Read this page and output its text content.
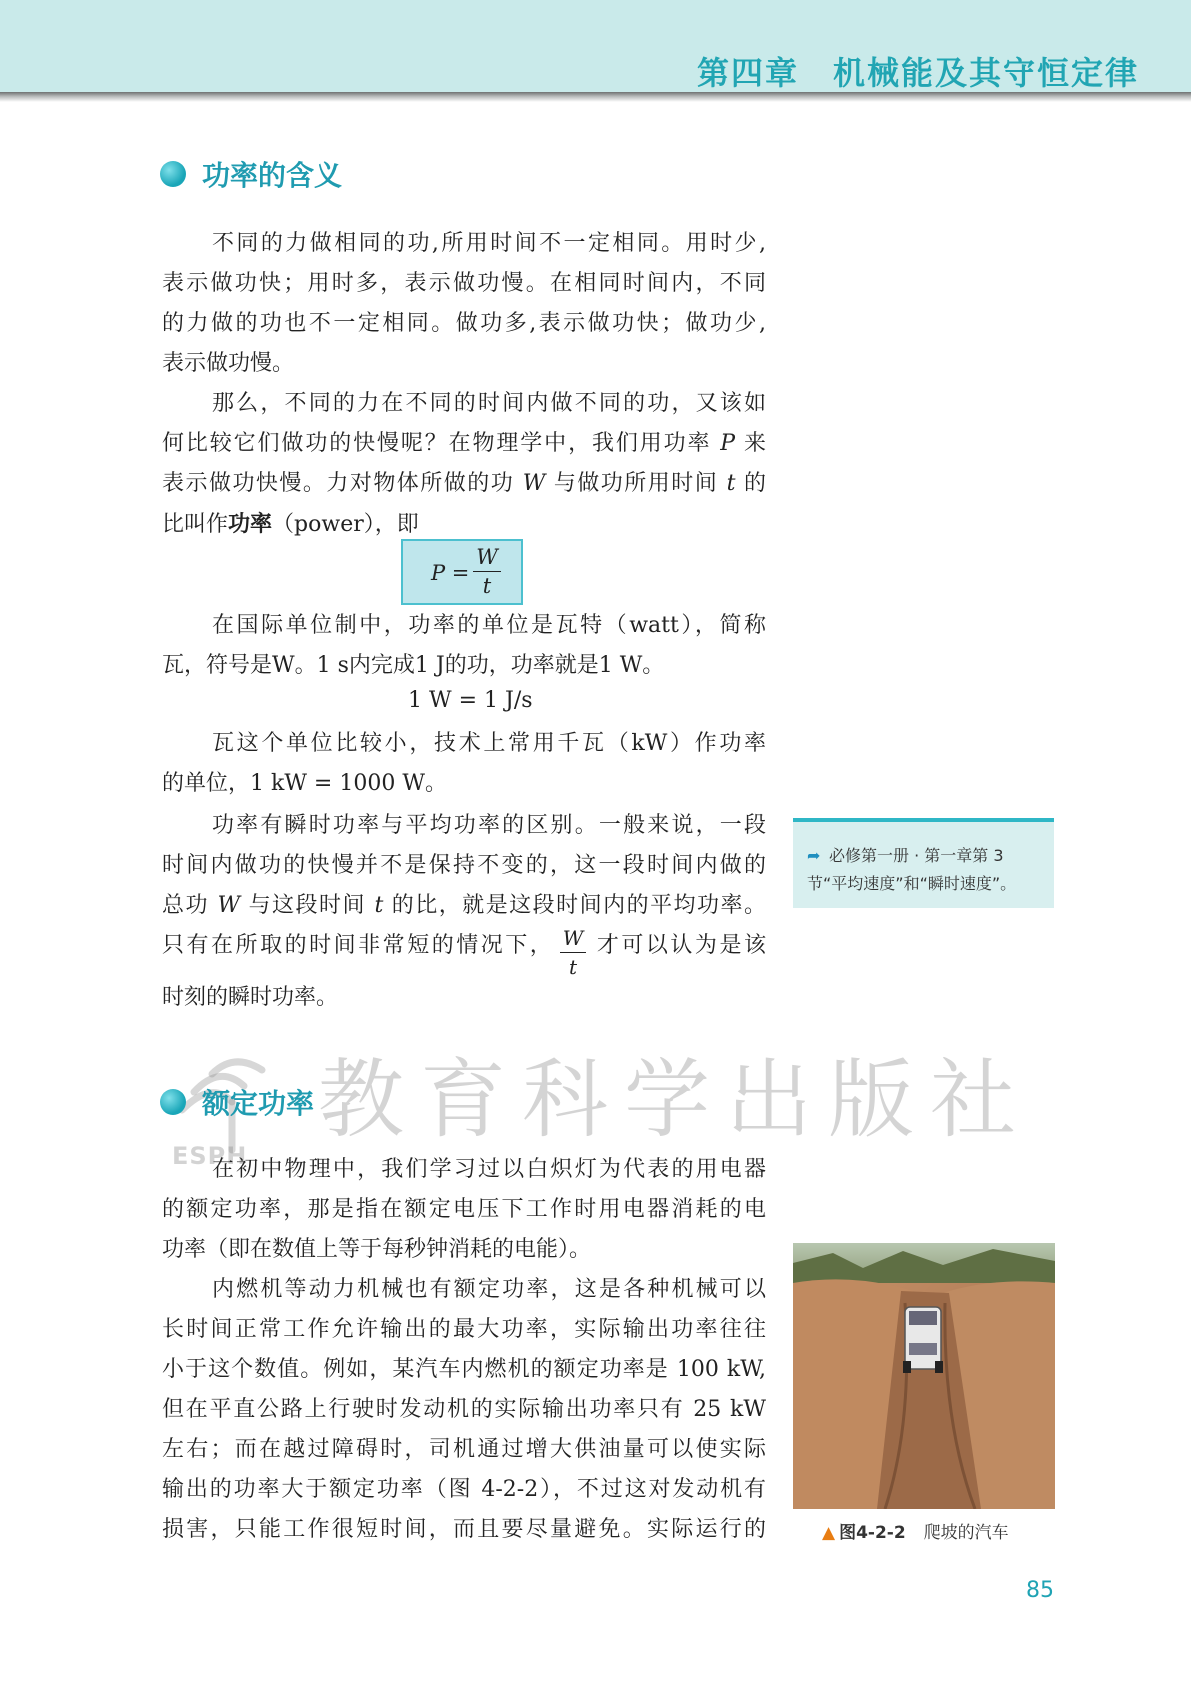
第四章　机械能及其守恒定律
功率的含义
不同的力做相同的功,所用时间不一定相同。用时少,
表示做功快；用时多，表示做功慢。在相同时间内，不同
的力做的功也不一定相同。做功多,表示做功快；做功少,
表示做功慢。
那么，不同的力在不同的时间内做不同的功，又该如
何比较它们做功的快慢呢？在物理学中，我们用功率 P 来
表示做功快慢。力对物体所做的功 W 与做功所用时间 t 的
比叫作功率（power），即
P =
W
t
在国际单位制中，功率的单位是瓦特（watt），简称
瓦，符号是W。1 s内完成1 J的功，功率就是1 W。
1 W = 1 J/s
瓦这个单位比较小，技术上常用千瓦（kW）作功率
的单位，1 kW = 1000 W。
功率有瞬时功率与平均功率的区别。一般来说，一段
时间内做功的快慢并不是保持不变的，这一段时间内做的
总功 W 与这段时间 t 的比，就是这段时间内的平均功率。
只有在所取的时间非常短的情况下， 才可以认为是该
时刻的瞬时功率。
W
t
➦ 必修第一册 · 第一章第 3
节“平均速度”和“瞬时速度”。
教育科学出版社
ESPH
额定功率
在初中物理中，我们学习过以白炽灯为代表的用电器
的额定功率，那是指在额定电压下工作时用电器消耗的电
功率（即在数值上等于每秒钟消耗的电能）。
内燃机等动力机械也有额定功率，这是各种机械可以
长时间正常工作允许输出的最大功率，实际输出功率往往
小于这个数值。例如，某汽车内燃机的额定功率是 100 kW,
但在平直公路上行驶时发动机的实际输出功率只有 25 kW
左右；而在越过障碍时，司机通过增大供油量可以使实际
输出的功率大于额定功率（图 4-2-2），不过这对发动机有
损害，只能工作很短时间，而且要尽量避免。实际运行的	▲ 图4-2-2 爬坡的汽车
85
